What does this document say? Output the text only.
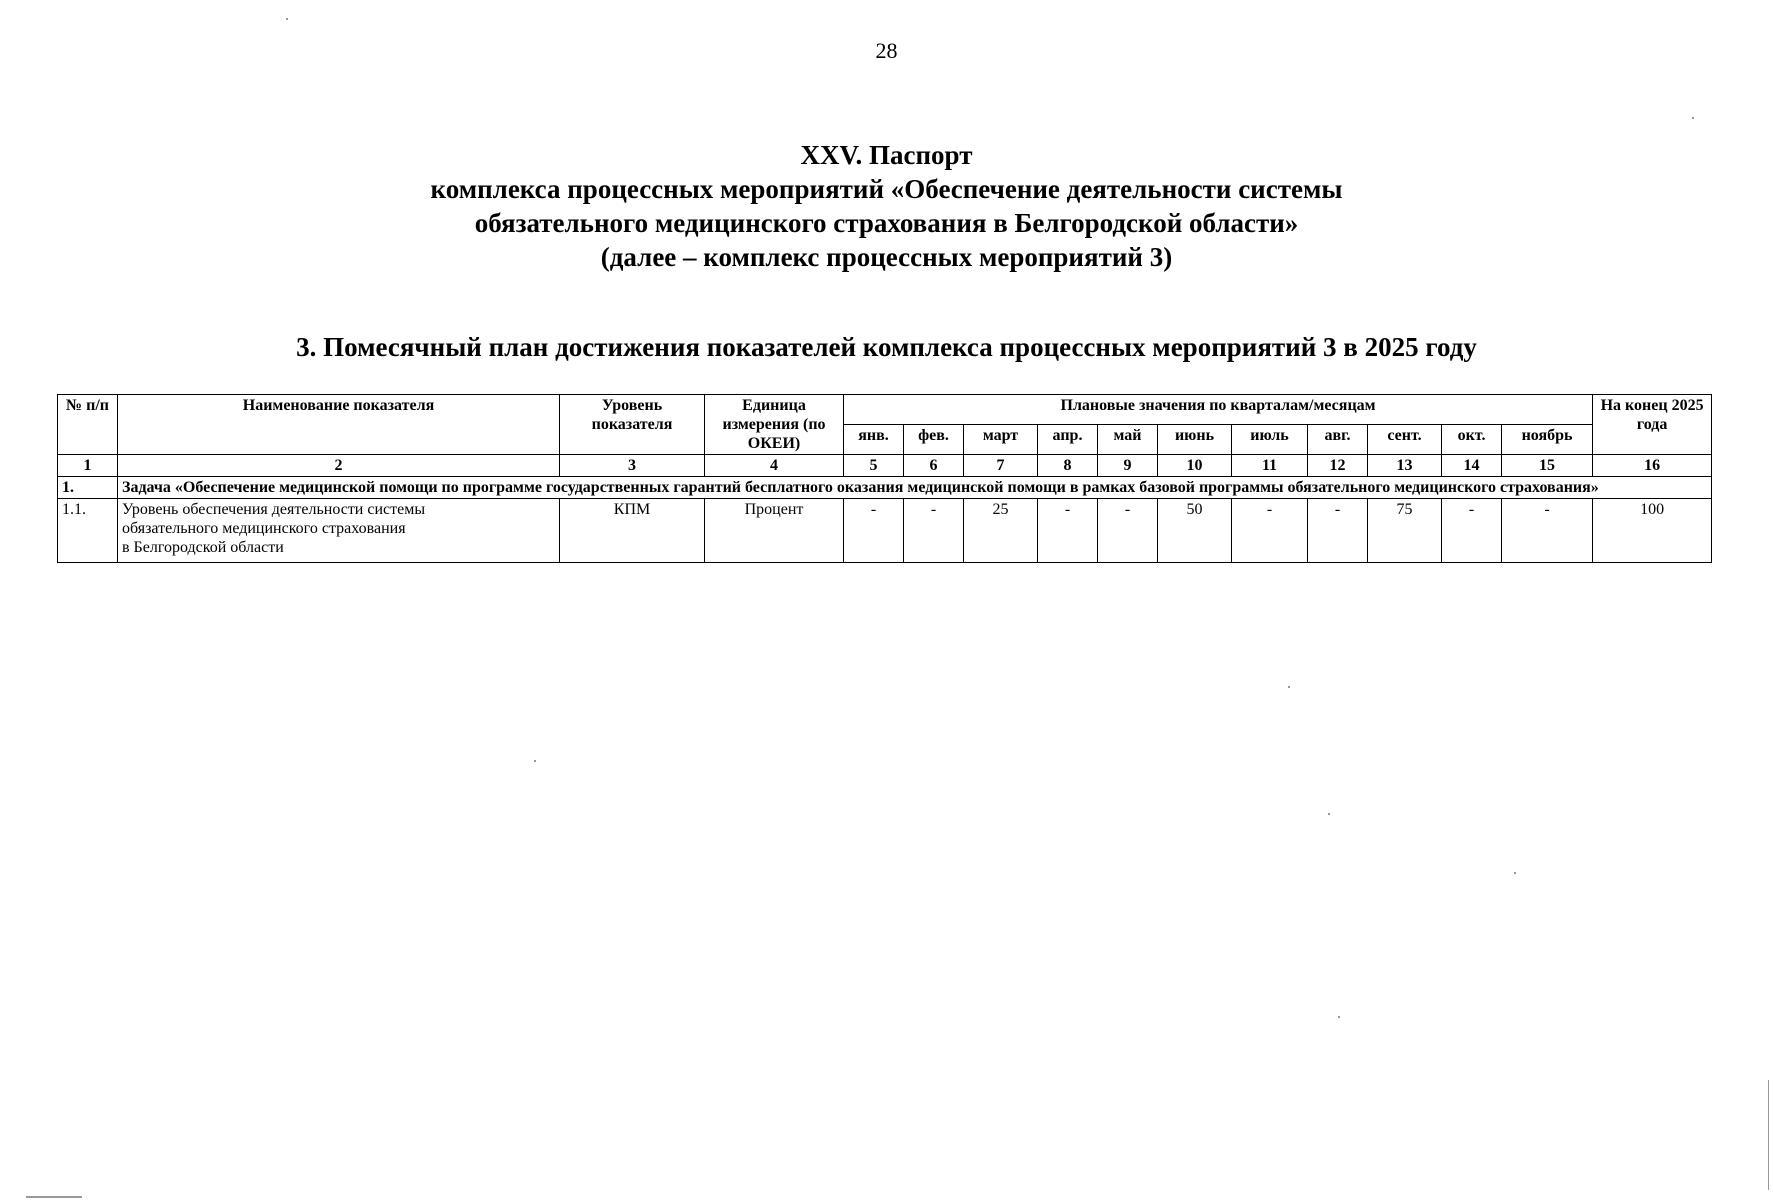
28
XXV. Паспорт
комплекса процессных мероприятий «Обеспечение деятельности системы
обязательного медицинского страхования в Белгородской области»
(далее – комплекс процессных мероприятий 3)
3. Помесячный план достижения показателей комплекса процессных мероприятий 3 в 2025 году
№ п/п	Наименование показателя	Уровень показателя	Единица измерения (по ОКЕИ)	Плановые значения по кварталам/месяцам											На конец 2025 года
				янв.	фев.	март	апр.	май	июнь	июль	авг.	сент.	окт.	ноябрь	
1	2	3	4	5	6	7	8	9	10	11	12	13	14	15	16
1.	Задача «Обеспечение медицинской помощи по программе государственных гарантий бесплатного оказания медицинской помощи в рамках базовой программы обязательного медицинского страхования»														
1.1.	Уровень обеспечения деятельности системы
обязательного медицинского страхования
в Белгородской области	КПМ	Процент	-	-	25	-	-	50	-	-	75	-	-	100
